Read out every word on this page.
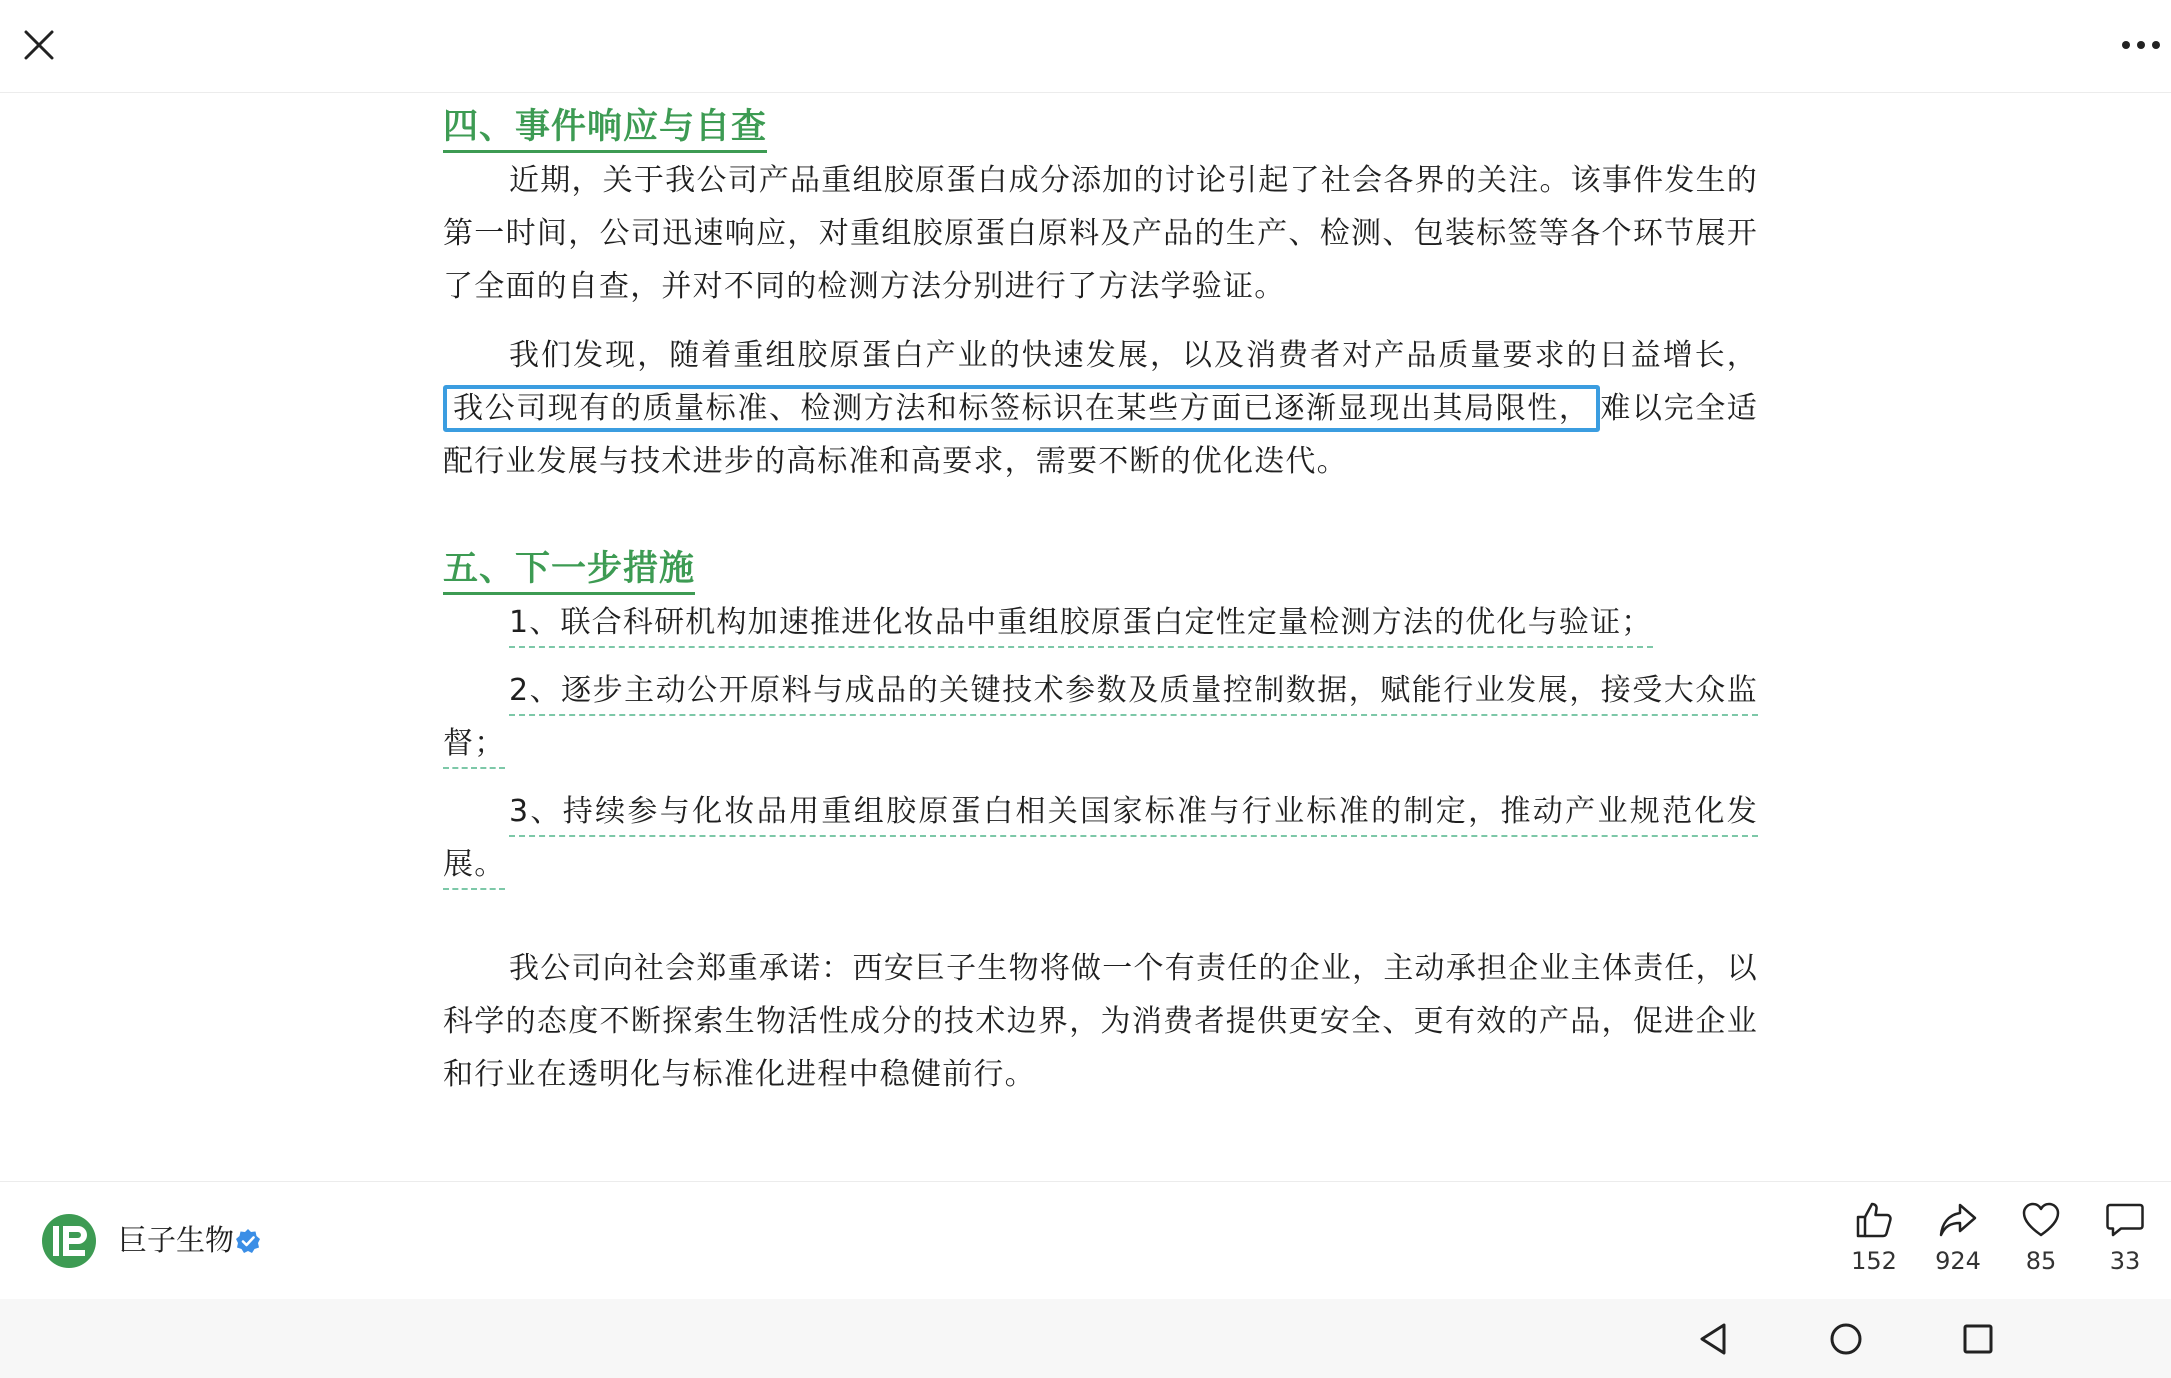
四、事件响应与自查

近期，关于我公司产品重组胶原蛋白成分添加的讨论引起了社会各界的关注。该事件发生的第一时间，公司迅速响应，对重组胶原蛋白原料及产品的生产、检测、包装标签等各个环节展开了全面的自查，并对不同的检测方法分别进行了方法学验证。

我们发现，随着重组胶原蛋白产业的快速发展，以及消费者对产品质量要求的日益增长，我公司现有的质量标准、检测方法和标签标识在某些方面已逐渐显现出其局限性， 难以完全适配行业发展与技术进步的高标准和高要求，需要不断的优化迭代。

五、下一步措施

1、联合科研机构加速推进化妆品中重组胶原蛋白定性定量检测方法的优化与验证；

2、逐步主动公开原料与成品的关键技术参数及质量控制数据，赋能行业发展，接受大众监督；

3、持续参与化妆品用重组胶原蛋白相关国家标准与行业标准的制定，推动产业规范化发展。

我公司向社会郑重承诺：西安巨子生物将做一个有责任的企业，主动承担企业主体责任，以科学的态度不断探索生物活性成分的技术边界，为消费者提供更安全、更有效的产品，促进企业和行业在透明化与标准化进程中稳健前行。

巨子生物
152 924 85 33
